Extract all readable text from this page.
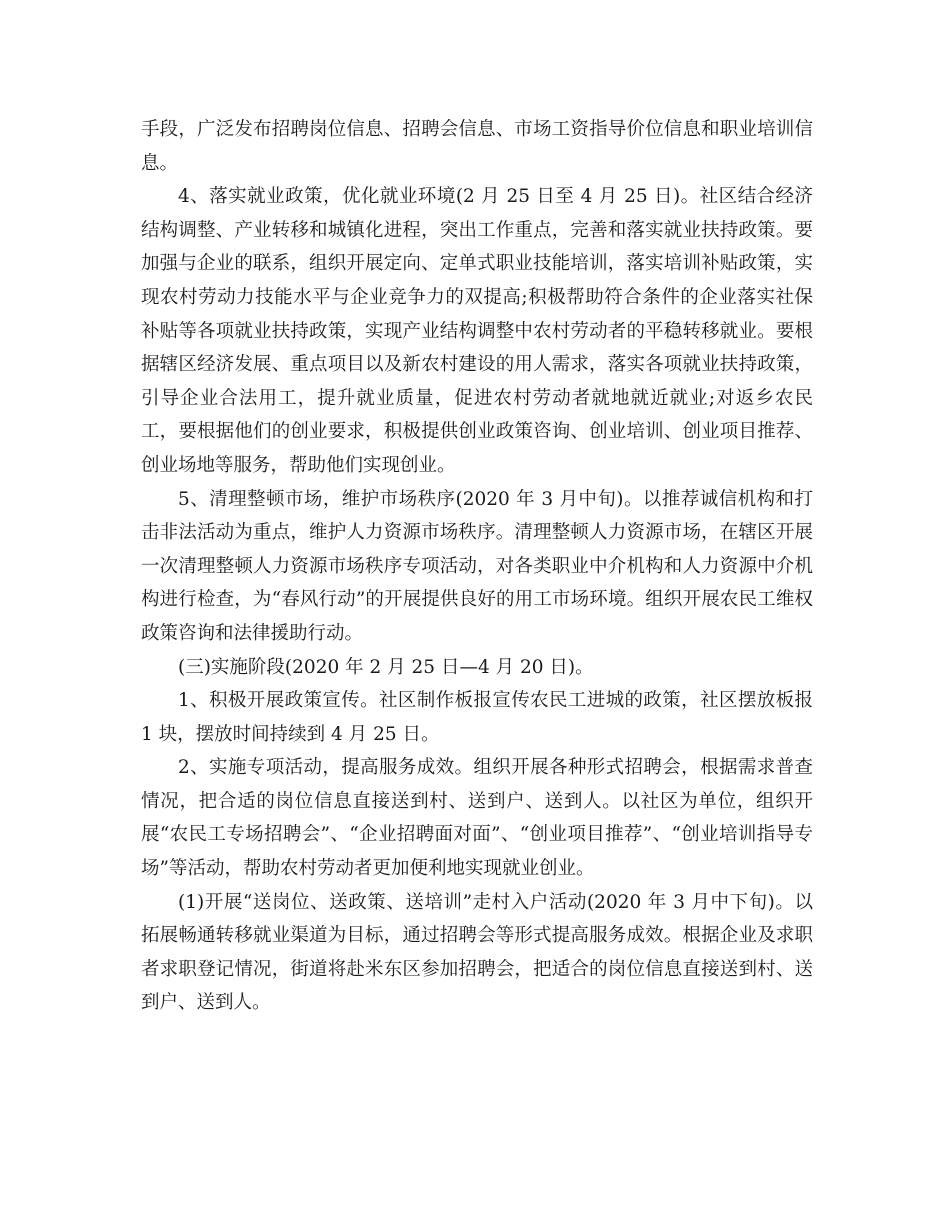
手段，广泛发布招聘岗位信息、招聘会信息、市场工资指导价位信息和职业培训信息。

4、落实就业政策，优化就业环境(2 月 25 日至 4 月 25 日)。社区结合经济结构调整、产业转移和城镇化进程，突出工作重点，完善和落实就业扶持政策。要加强与企业的联系，组织开展定向、定单式职业技能培训，落实培训补贴政策，实现农村劳动力技能水平与企业竞争力的双提高;积极帮助符合条件的企业落实社保补贴等各项就业扶持政策，实现产业结构调整中农村劳动者的平稳转移就业。要根据辖区经济发展、重点项目以及新农村建设的用人需求，落实各项就业扶持政策，引导企业合法用工，提升就业质量，促进农村劳动者就地就近就业;对返乡农民工，要根据他们的创业要求，积极提供创业政策咨询、创业培训、创业项目推荐、创业场地等服务，帮助他们实现创业。

5、清理整顿市场，维护市场秩序(2020 年 3 月中旬)。以推荐诚信机构和打击非法活动为重点，维护人力资源市场秩序。清理整顿人力资源市场，在辖区开展一次清理整顿人力资源市场秩序专项活动，对各类职业中介机构和人力资源中介机构进行检查，为“春风行动”的开展提供良好的用工市场环境。组织开展农民工维权政策咨询和法律援助行动。

(三)实施阶段(2020 年 2 月 25 日—4 月 20 日)。

1、积极开展政策宣传。社区制作板报宣传农民工进城的政策，社区摆放板报 1 块，摆放时间持续到 4 月 25 日。

2、实施专项活动，提高服务成效。组织开展各种形式招聘会，根据需求普查情况，把合适的岗位信息直接送到村、送到户、送到人。以社区为单位，组织开展“农民工专场招聘会”、“企业招聘面对面”、“创业项目推荐”、“创业培训指导专场”等活动，帮助农村劳动者更加便利地实现就业创业。

(1)开展“送岗位、送政策、送培训”走村入户活动(2020 年 3 月中下旬)。以拓展畅通转移就业渠道为目标，通过招聘会等形式提高服务成效。根据企业及求职者求职登记情况，街道将赴米东区参加招聘会，把适合的岗位信息直接送到村、送到户、送到人。
